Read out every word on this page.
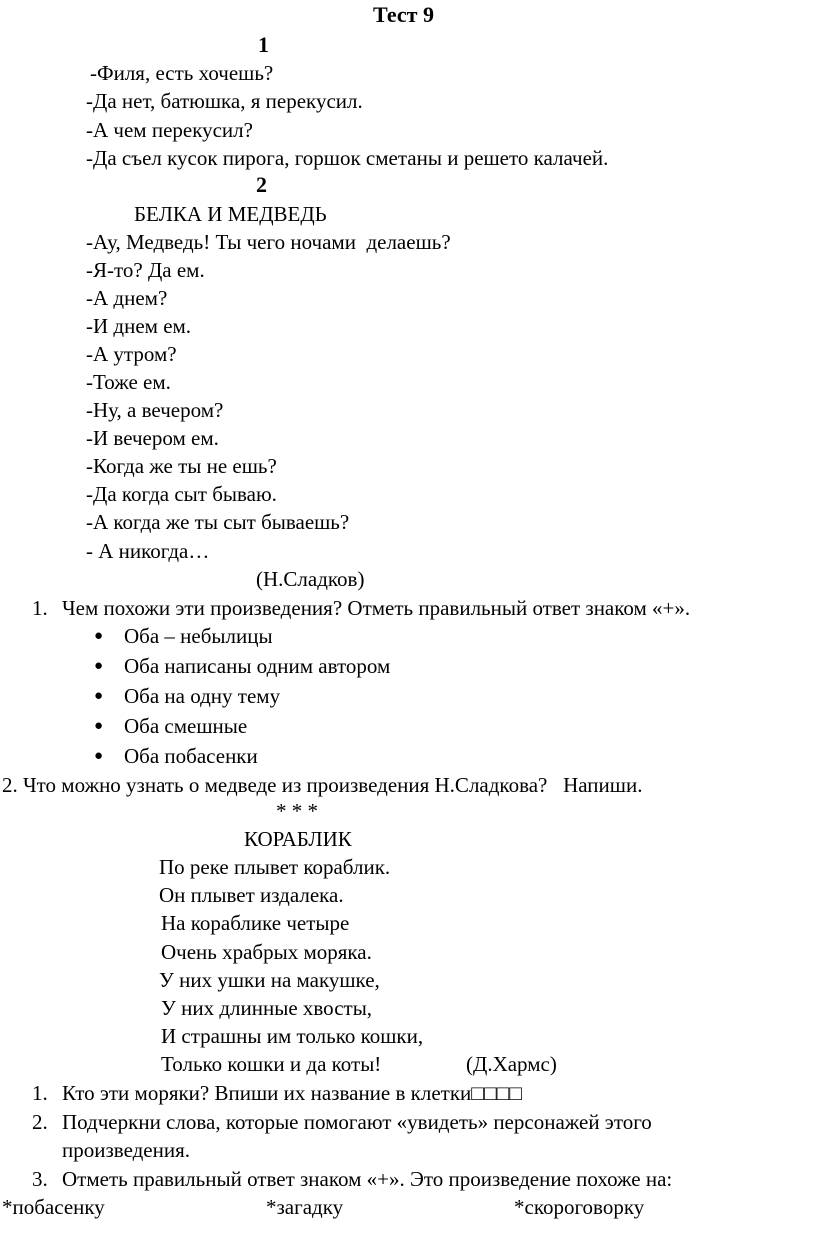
Тест 9
1
-Филя, есть хочешь?
-Да нет, батюшка, я перекусил.
-А чем перекусил?
-Да съел кусок пирога, горшок сметаны и решето калачей.
2
БЕЛКА И МЕДВЕДЬ
-Ау, Медведь! Ты чего ночами  делаешь?
-Я-то? Да ем.
-А днем?
-И днем ем.
-А утром?
-Тоже ем.
-Ну, а вечером?
-И вечером ем.
-Когда же ты не ешь?
-Да когда сыт бываю.
-А когда же ты сыт бываешь?
- А никогда…
(Н.Сладков)
1. Чем похожи эти произведения? Отметь правильный ответ знаком «+».
● Оба – небылицы
● Оба написаны одним автором
● Оба на одну тему
● Оба смешные
● Оба побасенки
2. Что можно узнать о медведе из произведения Н.Сладкова?   Напиши.
* * *
КОРАБЛИК
По реке плывет кораблик.
Он плывет издалека.
На кораблике четыре
Очень храбрых моряка.
У них ушки на макушке,
У них длинные хвосты,
И страшны им только кошки,
Только кошки и да коты!	(Д.Хармс)
1. Кто эти моряки? Впиши их название в клетки□□□□
2. Подчеркни слова, которые помогают «увидеть» персонажей этого
произведения.
3. Отметь правильный ответ знаком «+». Это произведение похоже на:
*побасенку	*загадку	*скороговорку
